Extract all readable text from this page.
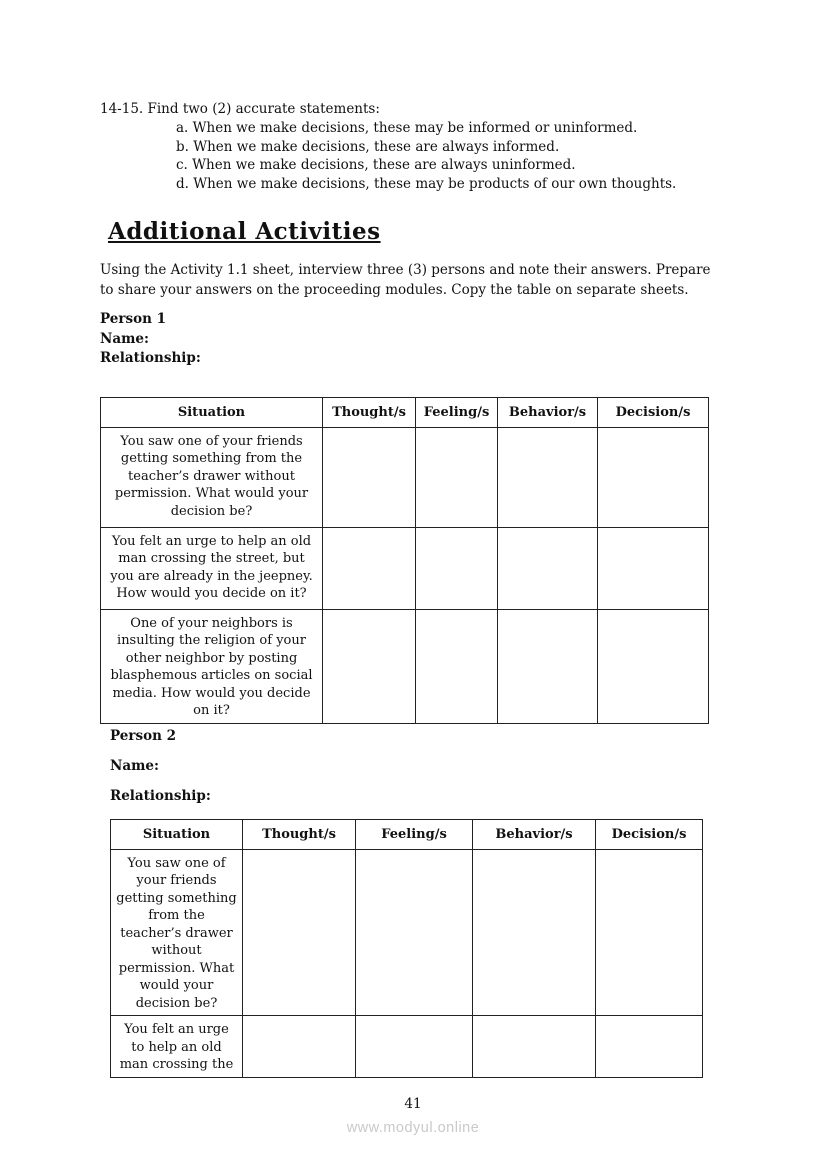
14-15. Find two (2) accurate statements:
a. When we make decisions, these may be informed or uninformed.
b. When we make decisions, these are always informed.
c. When we make decisions, these are always uninformed.
d. When we make decisions, these may be products of our own thoughts.
Additional Activities

Using the Activity 1.1 sheet, interview three (3) persons and note their answers. Prepare to share your answers on the proceeding modules. Copy the table on separate sheets.

Person 1
Name:
Relationship:
Situation	Thought/s	Feeling/s	Behavior/s	Decision/s
You saw one of your friends getting something from the teacher’s drawer without permission. What would your decision be?				
You felt an urge to help an old man crossing the street, but you are already in the jeepney. How would you decide on it?				
One of your neighbors is insulting the religion of your other neighbor by posting blasphemous articles on social media. How would you decide on it?				
Person 2
Name:
Relationship:
Situation	Thought/s	Feeling/s	Behavior/s	Decision/s
You saw one of your friends getting something from the teacher’s drawer without permission. What would your decision be?				
You felt an urge to help an old man crossing the				
41
www.modyul.online
